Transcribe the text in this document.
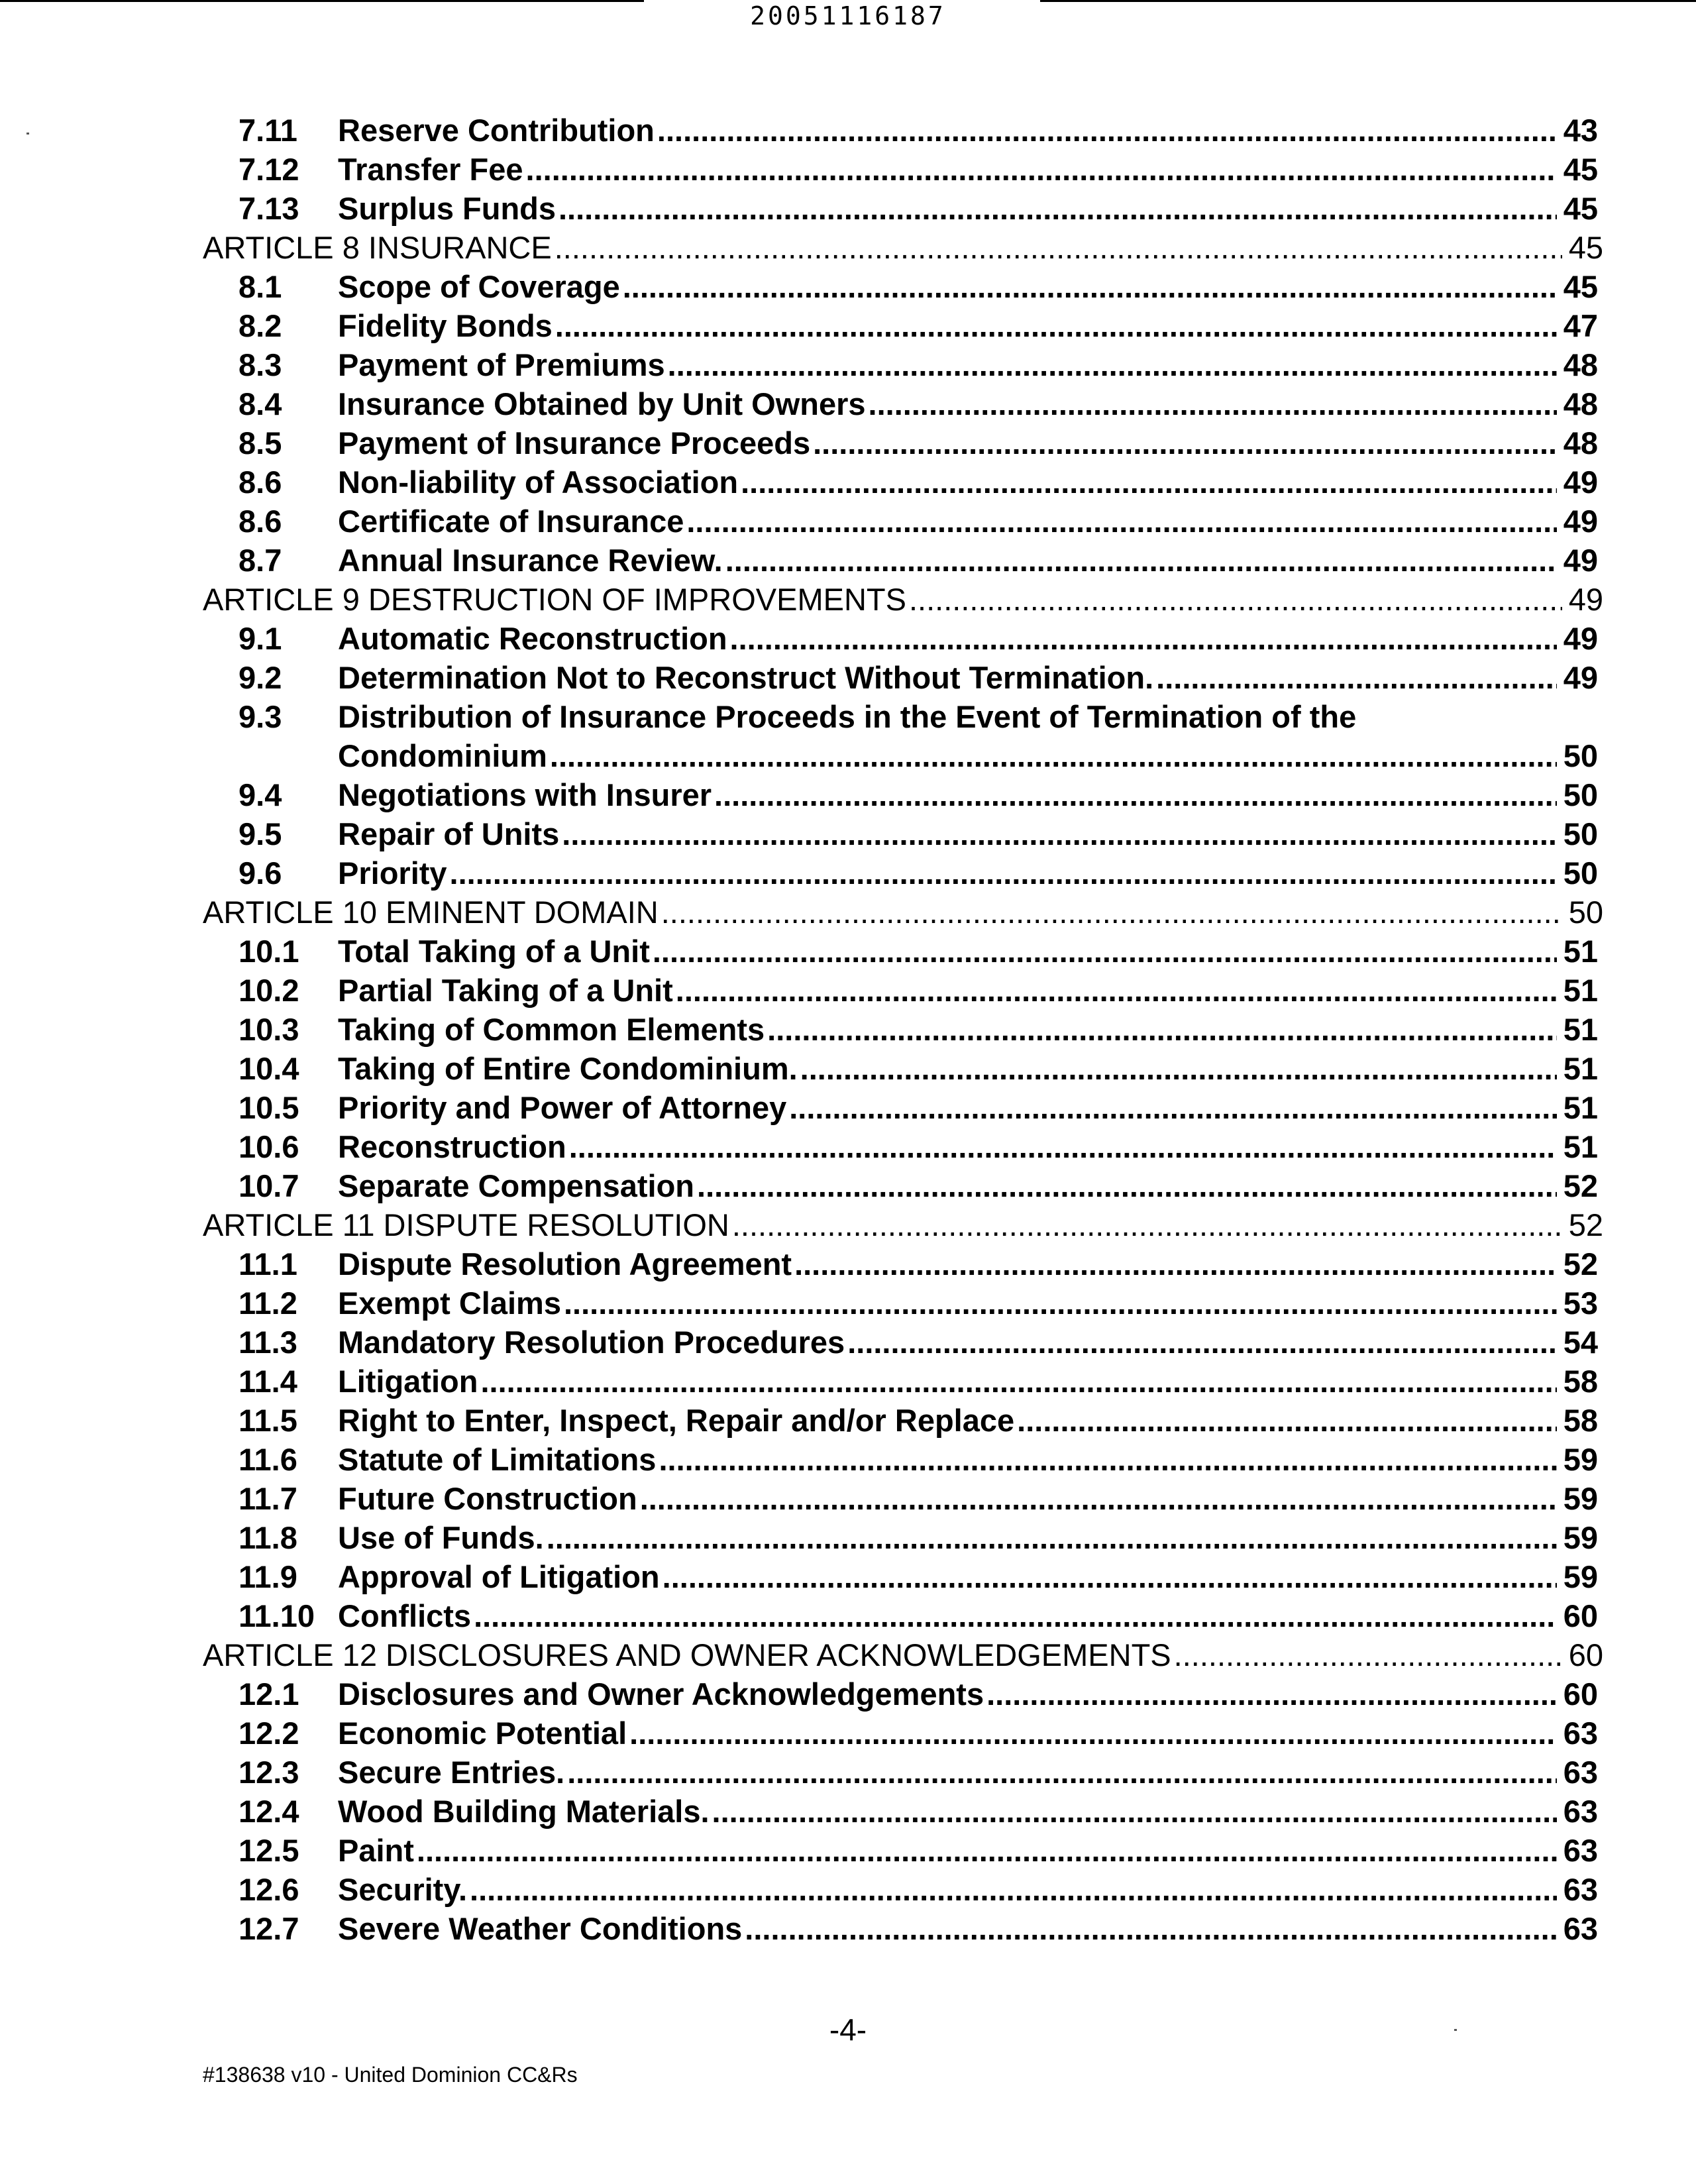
20051116187
7.11 Reserve Contribution .....	43
7.12 Transfer Fee .....	45
7.13 Surplus Funds .....	45
ARTICLE 8 INSURANCE .....	45
8.1 Scope of Coverage .....	45
8.2 Fidelity Bonds .....	47
8.3 Payment of Premiums .....	48
8.4 Insurance Obtained by Unit Owners .....	48
8.5 Payment of Insurance Proceeds .....	48
8.6 Non-liability of Association .....	49
8.6 Certificate of Insurance .....	49
8.7 Annual Insurance Review. .....	49
ARTICLE 9 DESTRUCTION OF IMPROVEMENTS .....	49
9.1 Automatic Reconstruction .....	49
9.2 Determination Not to Reconstruct Without Termination. .....	49
9.3 Distribution of Insurance Proceeds in the Event of Termination of the
Condominium .....	50
9.4 Negotiations with Insurer .....	50
9.5 Repair of Units .....	50
9.6 Priority .....	50
ARTICLE 10 EMINENT DOMAIN .....	50
10.1 Total Taking of a Unit .....	51
10.2 Partial Taking of a Unit .....	51
10.3 Taking of Common Elements .....	51
10.4 Taking of Entire Condominium. .....	51
10.5 Priority and Power of Attorney .....	51
10.6 Reconstruction .....	51
10.7 Separate Compensation .....	52
ARTICLE 11 DISPUTE RESOLUTION .....	52
11.1 Dispute Resolution Agreement .....	52
11.2 Exempt Claims .....	53
11.3 Mandatory Resolution Procedures .....	54
11.4 Litigation .....	58
11.5 Right to Enter, Inspect, Repair and/or Replace .....	58
11.6 Statute of Limitations .....	59
11.7 Future Construction .....	59
11.8 Use of Funds. .....	59
11.9 Approval of Litigation .....	59
11.10 Conflicts .....	60
ARTICLE 12 DISCLOSURES AND OWNER ACKNOWLEDGEMENTS .....	60
12.1 Disclosures and Owner Acknowledgements .....	60
12.2 Economic Potential .....	63
12.3 Secure Entries. .....	63
12.4 Wood Building Materials. .....	63
12.5 Paint .....	63
12.6 Security. .....	63
12.7 Severe Weather Conditions .....	63
-4-
#138638 v10 - United Dominion CC&Rs
